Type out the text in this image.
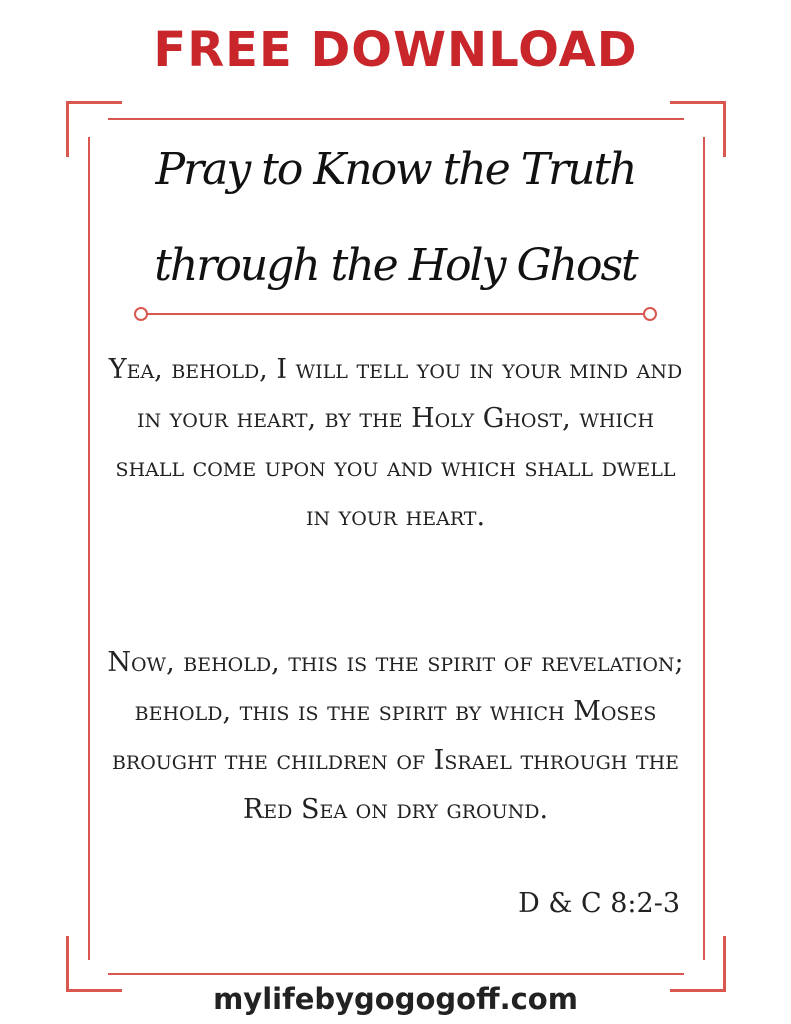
FREE DOWNLOAD
Pray to Know the Truth
through the Holy Ghost
Yea, behold, I will tell you in your mind and in your heart, by the Holy Ghost, which shall come upon you and which shall dwell in your heart.
Now, behold, this is the spirit of revelation; behold, this is the spirit by which Moses brought the children of Israel through the Red Sea on dry ground.
D & C 8:2-3
mylifebygogogoff.com
